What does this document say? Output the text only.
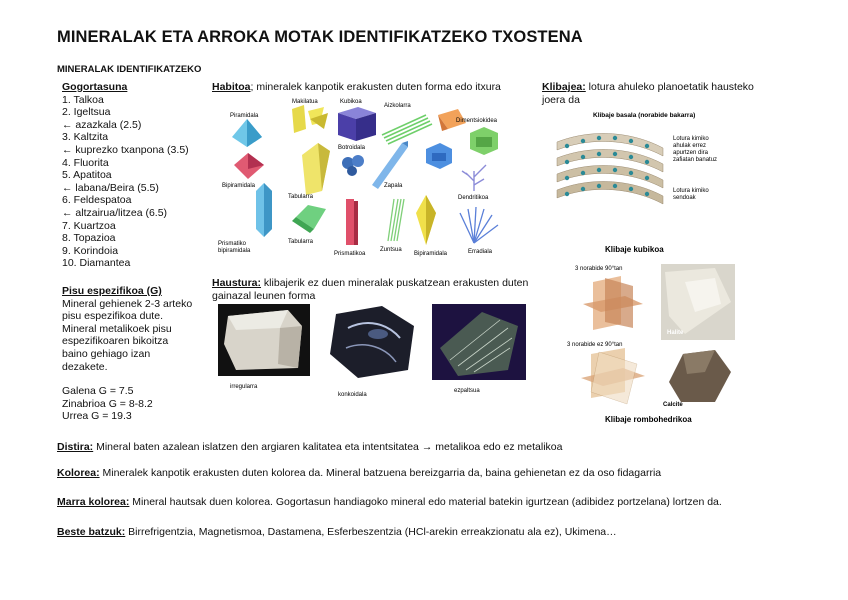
MINERALAK ETA ARROKA MOTAK IDENTIFIKATZEKO TXOSTENA
MINERALAK IDENTIFIKATZEKO
Gogortasuna
1. Talkoa
2. Igeltsua
← azazkala (2.5)
3. Kaltzita
← kuprezko txanpona (3.5)
4. Fluorita
5. Apatitoa
← labana/Beira (5.5)
6. Feldespatoa
← altzairua/litzea (6.5)
7. Kuartzoa
8. Topazioa
9. Korindoia
10. Diamantea
Pisu espezifikoa (G)
Mineral gehienek 2-3 arteko
pisu espezifikoa dute.
Mineral metalikoek pisu
espezifikoaren bikoitza
baino gehiago izan
dezakete.
Galena G = 7.5
Zinabrioa G = 8-8.2
Urrea G = 19.3
Habitoa; mineralek kanpotik erakusten duten forma edo itxura
Piramidala
Makilatua	Kubikoa
Aizkolarra
Dimentsiokidea
Bipiramidala
Tabularra
Botroidala
Zapala
Dendritikoa
Prismatiko
bipiramidala
Tabularra
Prismatikoa
Zuntsua
Bipiramidala	Erradiala
Klibajea: lotura ahuleko planoetatik hausteko joera da
Klibaje basala (norabide bakarra)
Lotura kimiko
ahulak errez
apurtzen dira
zafiatan banatuz
Lotura kimiko
sendoak
Klibaje kubikoa
3 norabide 90°tan
Halite
3 norabide ez 90°tan
Calcite
Klibaje rombohedrikoa
Haustura: klibajerik ez duen mineralak puskatzean erakusten duten gainazal leunen forma
irregularra
konkoidala
ezpaltsua
Distira: Mineral baten azalean islatzen den argiaren kalitatea eta intentsitatea → metalikoa edo ez metalikoa
Kolorea: Mineralek kanpotik erakusten duten kolorea da. Mineral batzuena bereizgarria da, baina gehienetan ez da oso fidagarria
Marra kolorea: Mineral hautsak duen kolorea. Gogortasun handiagoko mineral edo material batekin igurtzean (adibidez portzelana) lortzen da.
Beste batzuk: Birrefrigentzia, Magnetismoa, Dastamena, Esferbeszentzia (HCl-arekin erreakzionatu ala ez), Ukimena…
